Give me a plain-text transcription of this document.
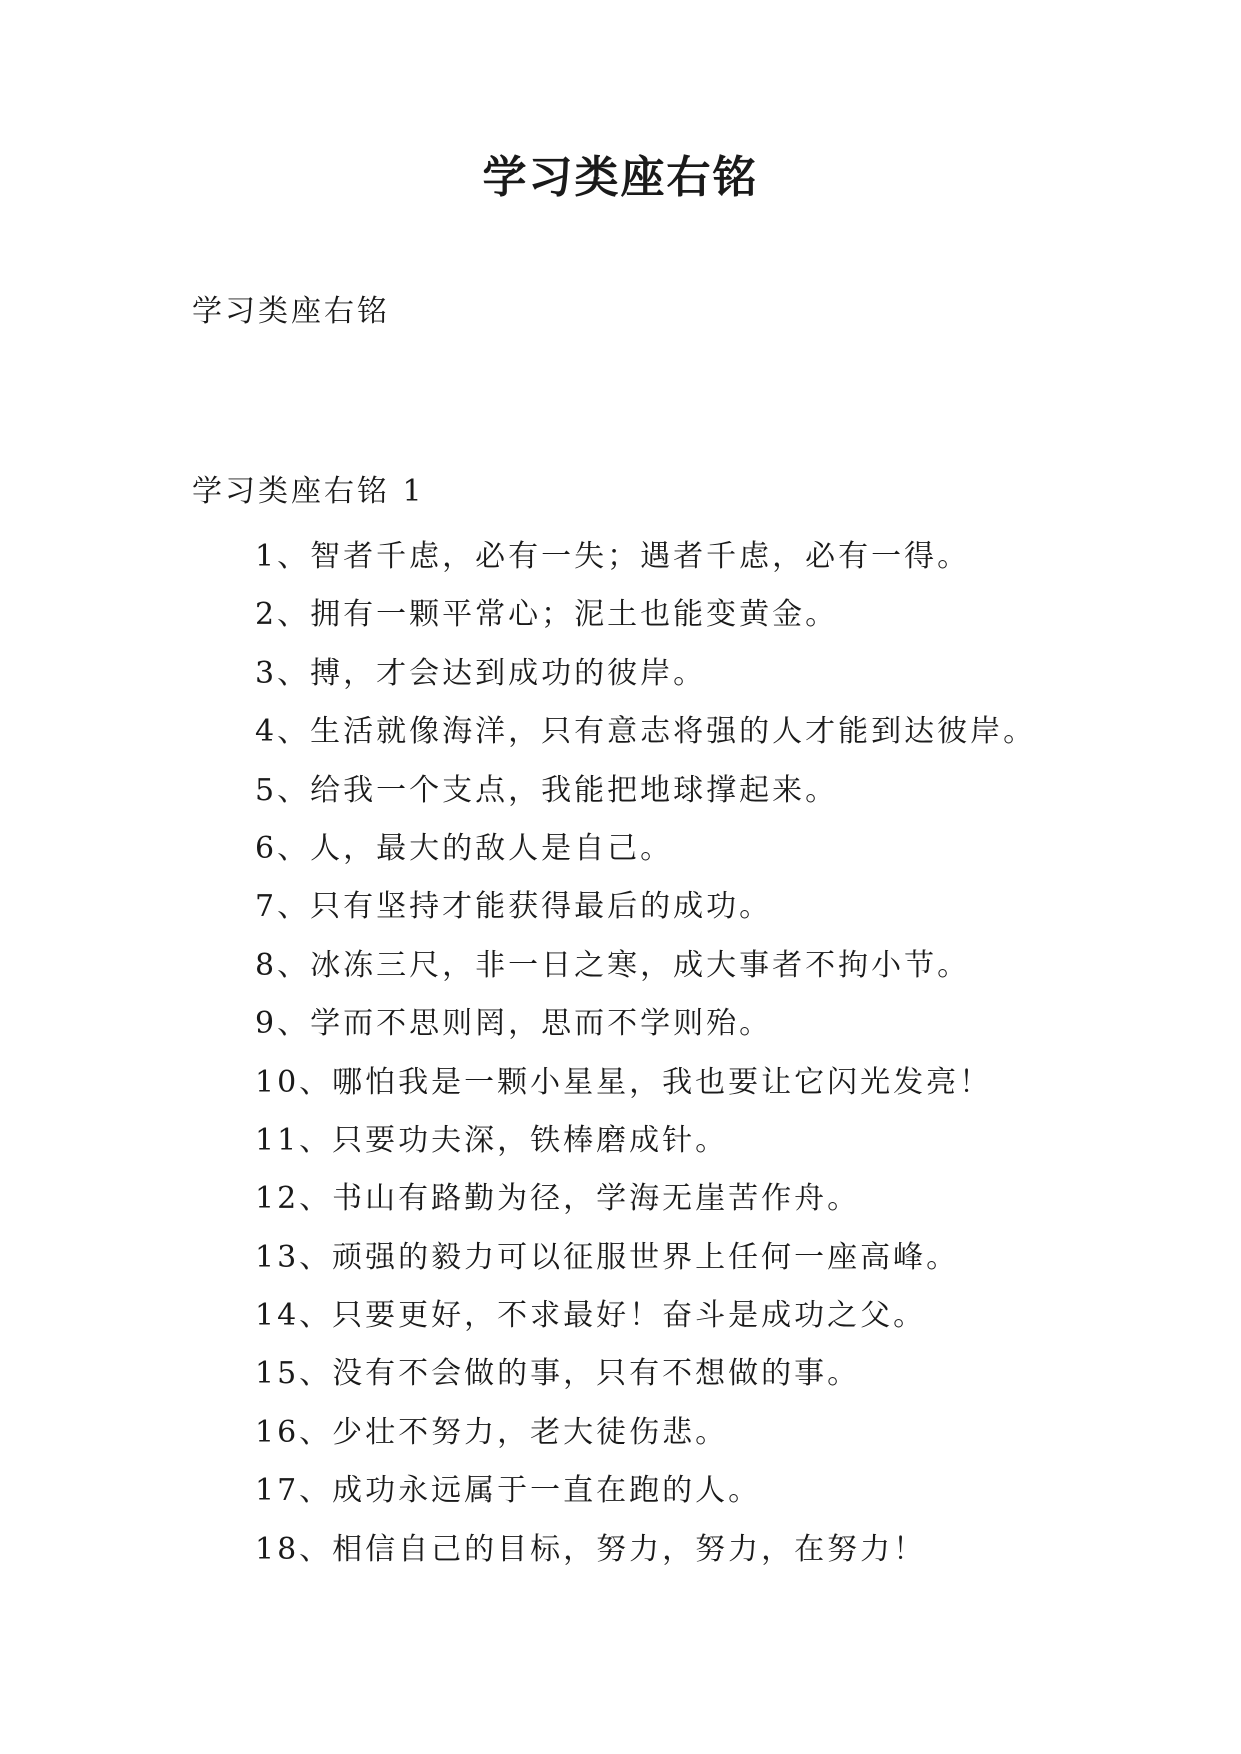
学习类座右铭

学习类座右铭

学习类座右铭 1

1、智者千虑，必有一失；遇者千虑，必有一得。
2、拥有一颗平常心；泥土也能变黄金。
3、搏，才会达到成功的彼岸。
4、生活就像海洋，只有意志将强的人才能到达彼岸。
5、给我一个支点，我能把地球撑起来。
6、人，最大的敌人是自己。
7、只有坚持才能获得最后的成功。
8、冰冻三尺，非一日之寒，成大事者不拘小节。
9、学而不思则罔，思而不学则殆。
10、哪怕我是一颗小星星，我也要让它闪光发亮！
11、只要功夫深，铁棒磨成针。
12、书山有路勤为径，学海无崖苦作舟。
13、顽强的毅力可以征服世界上任何一座高峰。
14、只要更好，不求最好！奋斗是成功之父。
15、没有不会做的事，只有不想做的事。
16、少壮不努力，老大徒伤悲。
17、成功永远属于一直在跑的人。
18、相信自己的目标，努力，努力，在努力！
